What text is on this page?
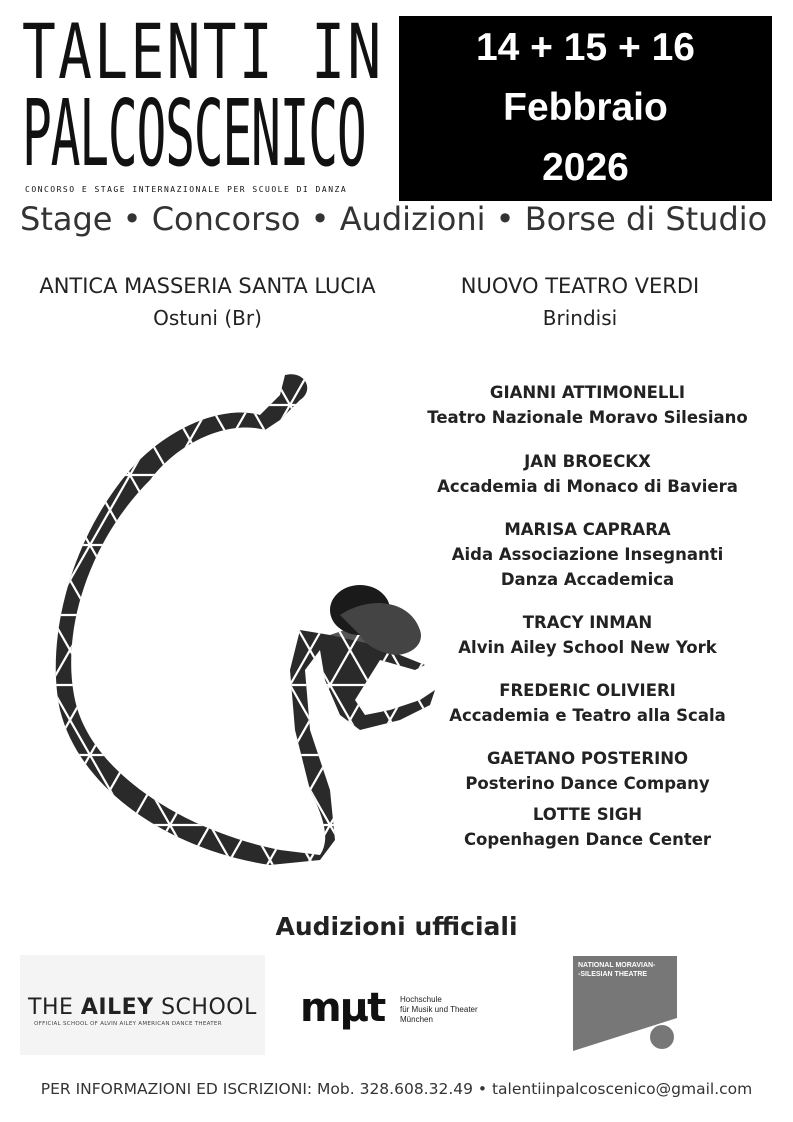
TALENTI IN
PALCOSCENICO
CONCORSO E STAGE INTERNAZIONALE PER SCUOLE DI DANZA
14 + 15 + 16
Febbraio
2026
Stage • Concorso • Audizioni • Borse di Studio
ANTICA MASSERIA SANTA LUCIA
Ostuni (Br)
NUOVO TEATRO VERDI
Brindisi
GIANNI ATTIMONELLI
Teatro Nazionale Moravo Silesiano
JAN BROECKX
Accademia di Monaco di Baviera
MARISA CAPRARA
Aida Associazione Insegnanti
Danza Accademica
TRACY INMAN
Alvin Ailey School New York
FREDERIC OLIVIERI
Accademia e Teatro alla Scala
GAETANO POSTERINO
Posterino Dance Company
LOTTE SIGH
Copenhagen Dance Center
Audizioni ufficiali
THE AILEY SCHOOL
OFFICIAL SCHOOL OF ALVIN AILEY AMERICAN DANCE THEATER mμt Hochschule
für Musik und Theater
München
NATIONAL MORAVIAN-
-SILESIAN THEATRE
PER INFORMAZIONI ED ISCRIZIONI: Mob. 328.608.32.49 • talentiinpalcoscenico@gmail.com
